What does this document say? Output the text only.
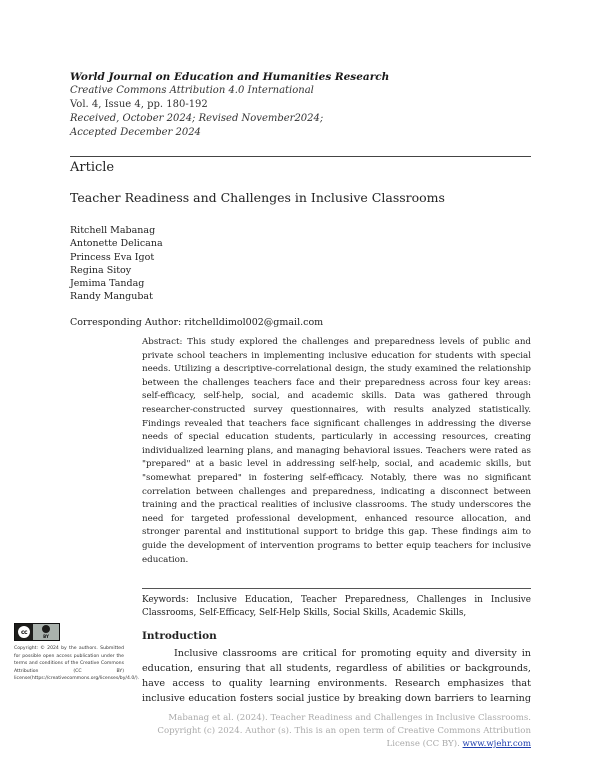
World Journal on Education and Humanities Research
Creative Commons Attribution 4.0 International
Vol. 4, Issue 4, pp. 180-192
Received, October 2024; Revised November2024;
Accepted December 2024
Article
Teacher Readiness and Challenges in Inclusive Classrooms
Ritchell Mabanag
Antonette Delicana
Princess Eva Igot
Regina Sitoy
Jemima Tandag
Randy Mangubat
Corresponding Author: ritchelldimol002@gmail.com
Abstract: This study explored the challenges and preparedness levels of public and private school teachers in implementing inclusive education for students with special needs. Utilizing a descriptive-correlational design, the study examined the relationship between the challenges teachers face and their preparedness across four key areas: self-efficacy, self-help, social, and academic skills. Data was gathered through researcher-constructed survey questionnaires, with results analyzed statistically. Findings revealed that teachers face significant challenges in addressing the diverse needs of special education students, particularly in accessing resources, creating individualized learning plans, and managing behavioral issues. Teachers were rated as "prepared" at a basic level in addressing self-help, social, and academic skills, but "somewhat prepared" in fostering self-efficacy. Notably, there was no significant correlation between challenges and preparedness, indicating a disconnect between training and the practical realities of inclusive classrooms. The study underscores the need for targeted professional development, enhanced resource allocation, and stronger parental and institutional support to bridge this gap. These findings aim to guide the development of intervention programs to better equip teachers for inclusive education.
Keywords: Inclusive Education, Teacher Preparedness, Challenges in Inclusive Classrooms, Self-Efficacy, Self-Help Skills, Social Skills, Academic Skills,
cc
BY
Copyright: © 2024 by the authors. Submitted for possible open access publication under the terms and conditions of the Creative Commons Attribution (CC BY) license(https://creativecommons.org/licenses/by/4.0/).
Introduction
Inclusive classrooms are critical for promoting equity and diversity in education, ensuring that all students, regardless of abilities or backgrounds, have access to quality learning environments. Research emphasizes that inclusive education fosters social justice by breaking down barriers to learning
Mabanag et al. (2024). Teacher Readiness and Challenges in Inclusive Classrooms. Copyright (c) 2024. Author (s). This is an open term of Creative Commons Attribution License (CC BY). www.wjehr.com
